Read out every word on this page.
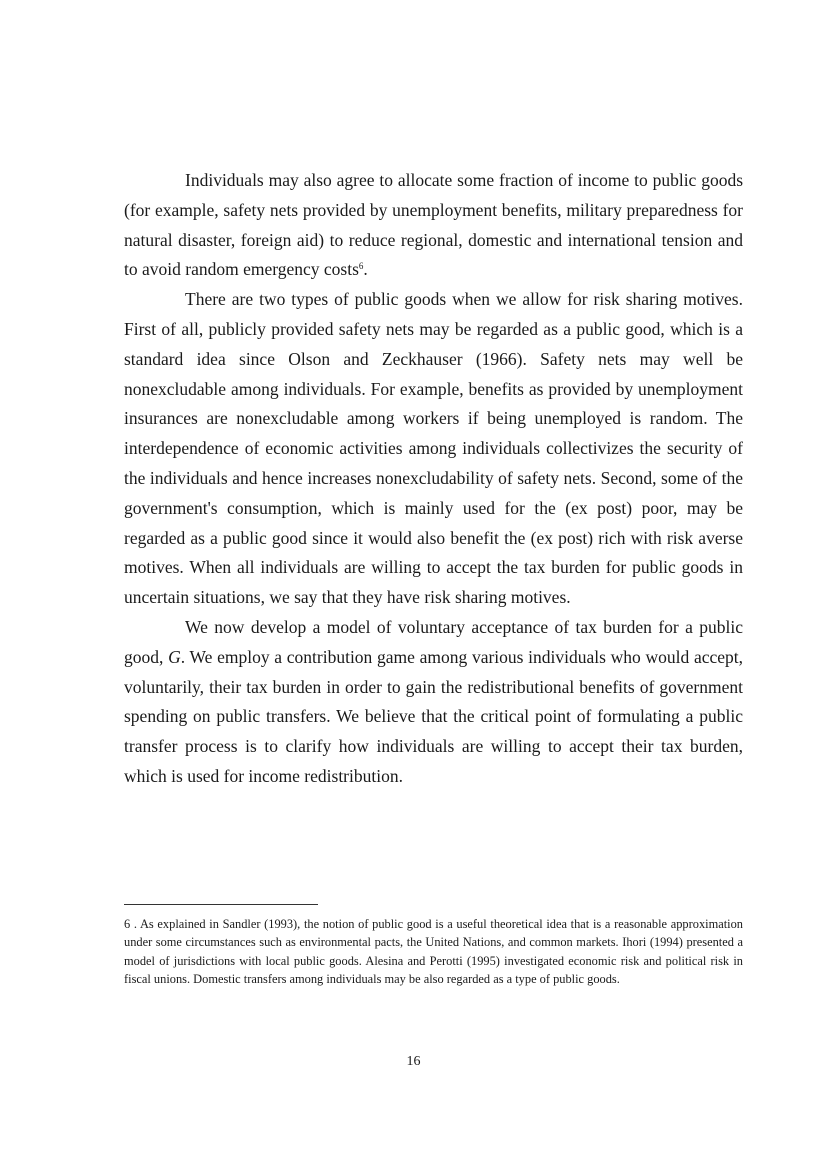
Individuals may also agree to allocate some fraction of income to public goods (for example, safety nets provided by unemployment benefits, military preparedness for natural disaster, foreign aid) to reduce regional, domestic and international tension and to avoid random emergency costs$^6$.

There are two types of public goods when we allow for risk sharing motives. First of all, publicly provided safety nets may be regarded as a public good, which is a standard idea since Olson and Zeckhauser (1966). Safety nets may well be nonexcludable among individuals. For example, benefits as provided by unemployment insurances are nonexcludable among workers if being unemployed is random. The interdependence of economic activities among individuals collectivizes the security of the individuals and hence increases nonexcludability of safety nets. Second, some of the government's consumption, which is mainly used for the (ex post) poor, may be regarded as a public good since it would also benefit the (ex post) rich with risk averse motives. When all individuals are willing to accept the tax burden for public goods in uncertain situations, we say that they have risk sharing motives.

We now develop a model of voluntary acceptance of tax burden for a public good, G. We employ a contribution game among various individuals who would accept, voluntarily, their tax burden in order to gain the redistributional benefits of government spending on public transfers. We believe that the critical point of formulating a public transfer process is to clarify how individuals are willing to accept their tax burden, which is used for income redistribution.

6 . As explained in Sandler (1993), the notion of public good is a useful theoretical idea that is a reasonable approximation under some circumstances such as environmental pacts, the United Nations, and common markets. Ihori (1994) presented a model of jurisdictions with local public goods. Alesina and Perotti (1995) investigated economic risk and political risk in fiscal unions. Domestic transfers among individuals may be also regarded as a type of public goods.

16
